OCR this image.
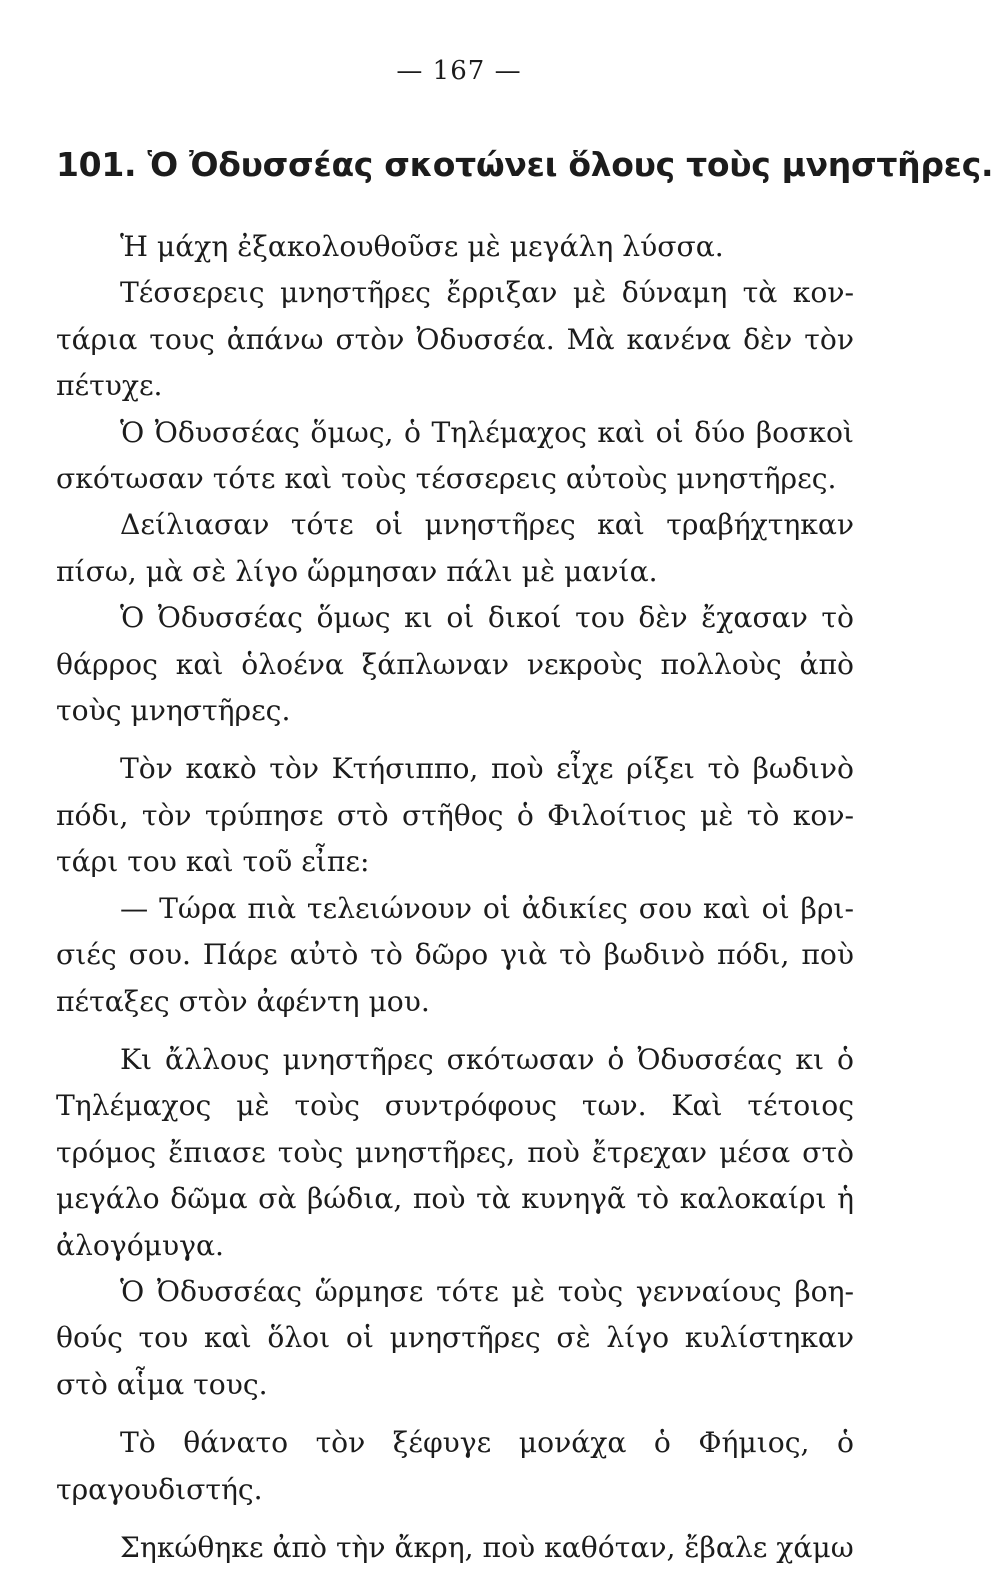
— 167 —
101. Ὁ Ὀδυσσέας σκοτώνει ὅλους τοὺς μνηστῆρες.

Ἡ μάχη ἐξακολουθοῦσε μὲ μεγάλη λύσσα.

Τέσσερεις μνηστῆρες ἔρριξαν μὲ δύναμη τὰ κοντάρια τους ἀπάνω στὸν Ὀδυσσέα. Μὰ κανένα δὲν τὸν πέτυχε.

Ὁ Ὀδυσσέας ὅμως, ὁ Τηλέμαχος καὶ οἱ δύο βοσκοὶ σκότωσαν τότε καὶ τοὺς τέσσερεις αὐτοὺς μνηστῆρες.

Δείλιασαν τότε οἱ μνηστῆρες καὶ τραβήχτηκαν πίσω, μὰ σὲ λίγο ὥρμησαν πάλι μὲ μανία.

Ὁ Ὀδυσσέας ὅμως κι οἱ δικοί του δὲν ἔχασαν τὸ θάρρος καὶ ὁλοένα ξάπλωναν νεκροὺς πολλοὺς ἀπὸ τοὺς μνηστῆρες.

Τὸν κακὸ τὸν Κτήσιππο, ποὺ εἶχε ρίξει τὸ βωδινὸ πόδι, τὸν τρύπησε στὸ στῆθος ὁ Φιλοίτιος μὲ τὸ κοντάρι του καὶ τοῦ εἶπε:

— Τώρα πιὰ τελειώνουν οἱ ἀδικίες σου καὶ οἱ βρισιές σου. Πάρε αὐτὸ τὸ δῶρο γιὰ τὸ βωδινὸ πόδι, ποὺ πέταξες στὸν ἀφέντη μου.

Κι ἄλλους μνηστῆρες σκότωσαν ὁ Ὀδυσσέας κι ὁ Τηλέμαχος μὲ τοὺς συντρόφους των. Καὶ τέτοιος τρόμος ἔπιασε τοὺς μνηστῆρες, ποὺ ἔτρεχαν μέσα στὸ μεγάλο δῶμα σὰ βώδια, ποὺ τὰ κυνηγᾶ τὸ καλοκαίρι ἡ ἀλογόμυγα.

Ὁ Ὀδυσσέας ὥρμησε τότε μὲ τοὺς γενναίους βοηθούς του καὶ ὅλοι οἱ μνηστῆρες σὲ λίγο κυλίστηκαν στὸ αἷμα τους.

Τὸ θάνατο τὸν ξέφυγε μονάχα ὁ Φήμιος, ὁ τραγουδιστής.

Σηκώθηκε ἀπὸ τὴν ἄκρη, ποὺ καθόταν, ἔβαλε χάμω
